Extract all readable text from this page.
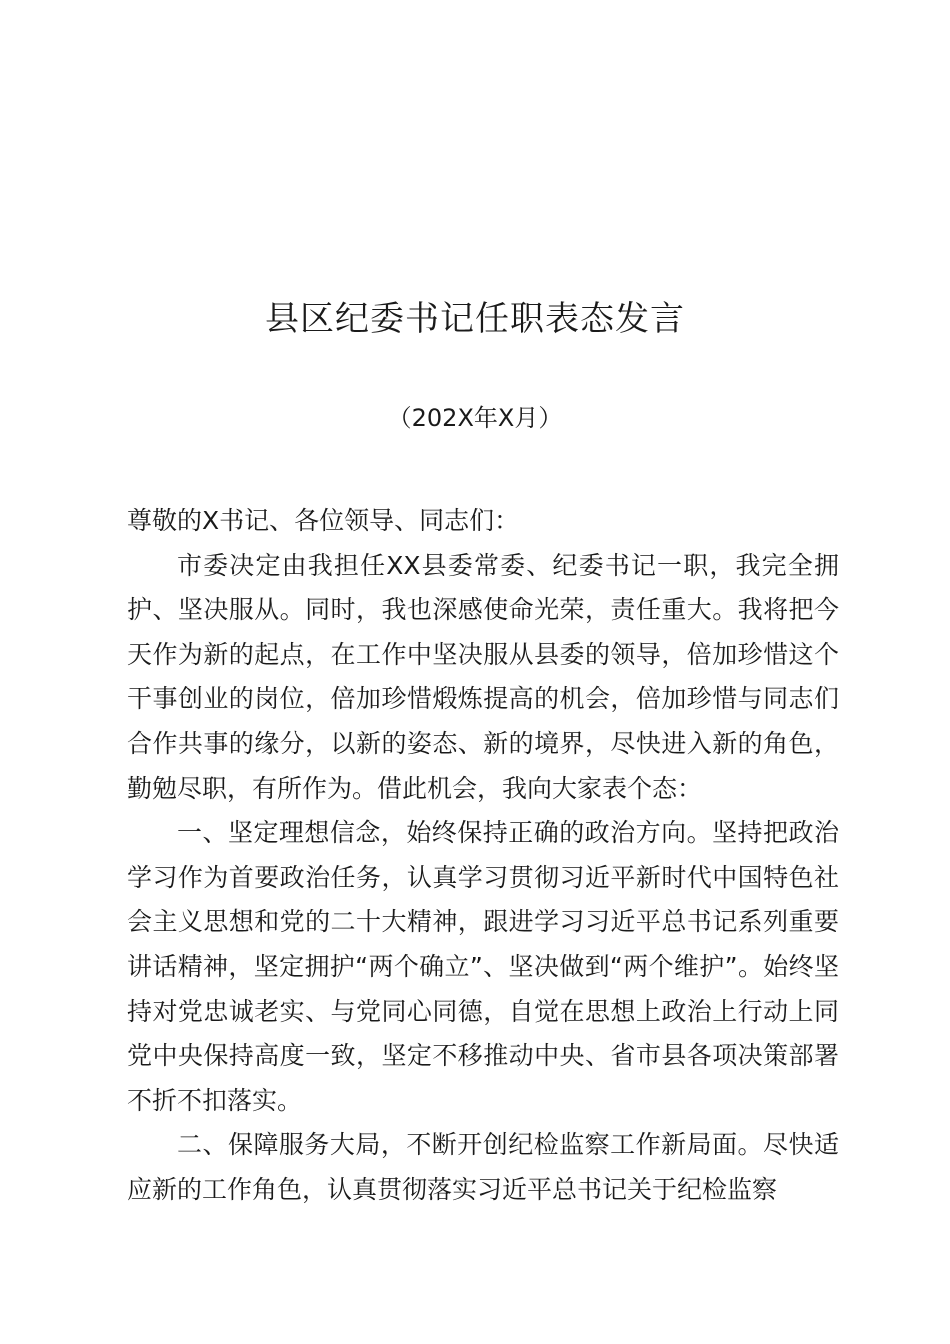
县区纪委书记任职表态发言
（202X年X月）

尊敬的X书记、各位领导、同志们：

市委决定由我担任XX县委常委、纪委书记一职，我完全拥护、坚决服从。同时，我也深感使命光荣，责任重大。我将把今天作为新的起点，在工作中坚决服从县委的领导，倍加珍惜这个干事创业的岗位，倍加珍惜煅炼提高的机会，倍加珍惜与同志们合作共事的缘分，以新的姿态、新的境界，尽快进入新的角色，勤勉尽职，有所作为。借此机会，我向大家表个态：

一、坚定理想信念，始终保持正确的政治方向。坚持把政治学习作为首要政治任务，认真学习贯彻习近平新时代中国特色社会主义思想和党的二十大精神，跟进学习习近平总书记系列重要讲话精神，坚定拥护“两个确立”、坚决做到“两个维护”。始终坚持对党忠诚老实、与党同心同德，自觉在思想上政治上行动上同党中央保持高度一致，坚定不移推动中央、省市县各项决策部署不折不扣落实。

二、保障服务大局，不断开创纪检监察工作新局面。尽快适应新的工作角色，认真贯彻落实习近平总书记关于纪检监察
